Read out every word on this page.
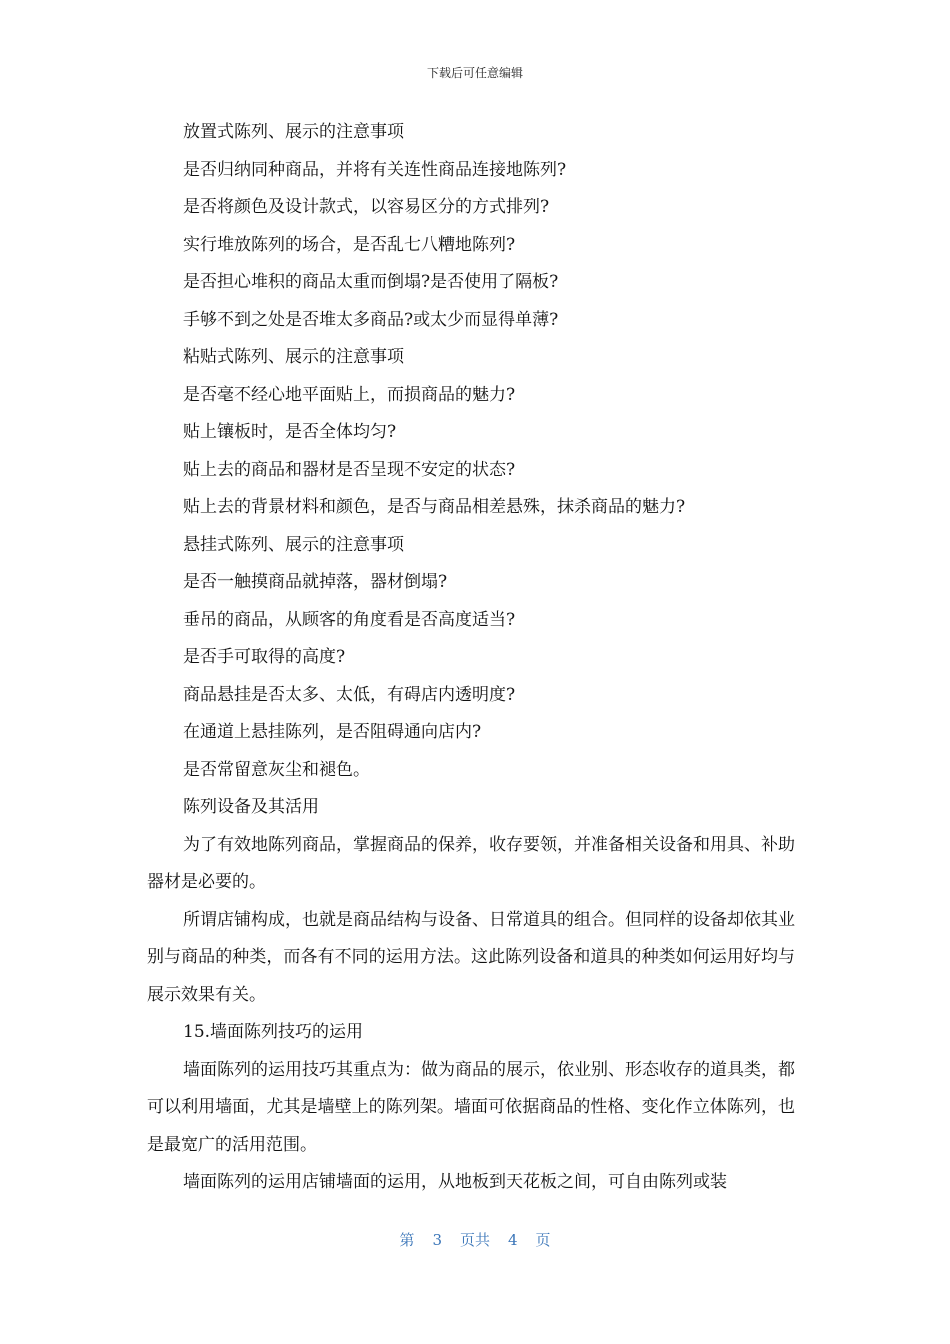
下载后可任意编辑

放置式陈列、展示的注意事项

是否归纳同种商品，并将有关连性商品连接地陈列?

是否将颜色及设计款式，以容易区分的方式排列?

实行堆放陈列的场合，是否乱七八糟地陈列?

是否担心堆积的商品太重而倒塌?是否使用了隔板?

手够不到之处是否堆太多商品?或太少而显得单薄?

粘贴式陈列、展示的注意事项

是否毫不经心地平面贴上，而损商品的魅力?

贴上镶板时，是否全体均匀?

贴上去的商品和器材是否呈现不安定的状态?

贴上去的背景材料和颜色，是否与商品相差悬殊，抹杀商品的魅力?

悬挂式陈列、展示的注意事项

是否一触摸商品就掉落，器材倒塌?

垂吊的商品，从顾客的角度看是否高度适当?

是否手可取得的高度?

商品悬挂是否太多、太低，有碍店内透明度?

在通道上悬挂陈列，是否阻碍通向店内?

是否常留意灰尘和褪色。

陈列设备及其活用

为了有效地陈列商品，掌握商品的保养，收存要领，并准备相关设备和用具、补助器材是必要的。

所谓店铺构成，也就是商品结构与设备、日常道具的组合。但同样的设备却依其业别与商品的种类，而各有不同的运用方法。这此陈列设备和道具的种类如何运用好均与展示效果有关。

15.墙面陈列技巧的运用

墙面陈列的运用技巧其重点为：做为商品的展示，依业别、形态收存的道具类，都可以利用墙面，尤其是墙壁上的陈列架。墙面可依据商品的性格、变化作立体陈列，也是最宽广的活用范围。

墙面陈列的运用店铺墙面的运用，从地板到天花板之间，可自由陈列或装

第 3 页共 4 页
